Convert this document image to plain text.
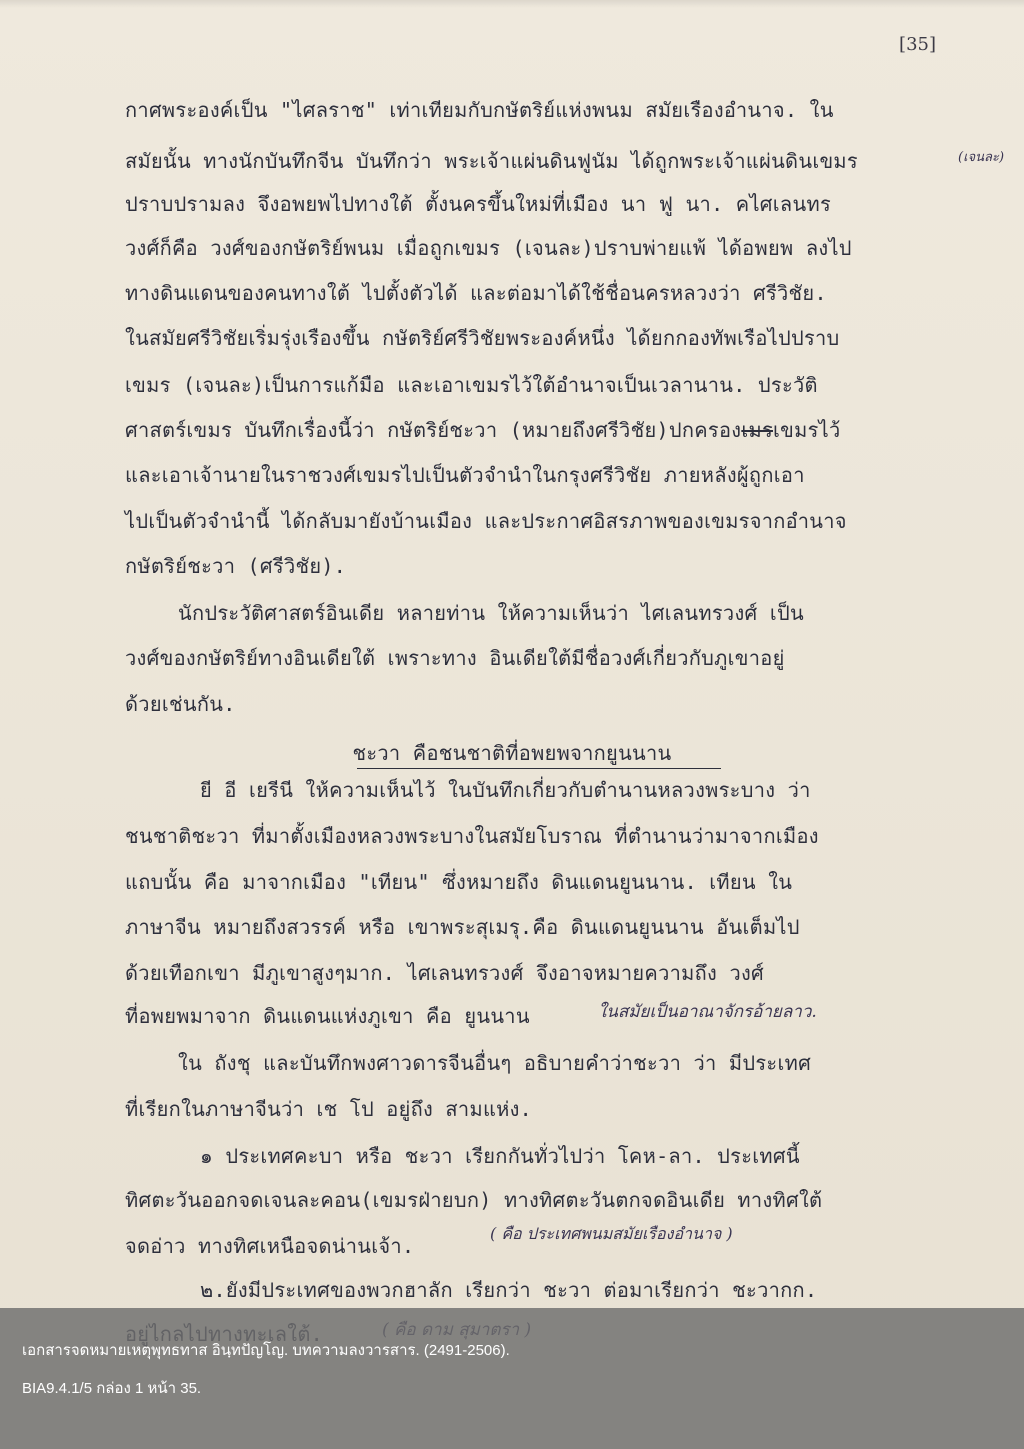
[35]
กาศพระองค์เป็น "ไศลราช" เท่าเทียมกับกษัตริย์แห่งพนม สมัยเรืองอำนาจ. ใน
สมัยนั้น ทางนักบันทึกจีน บันทึกว่า พระเจ้าแผ่นดินฟูนัม ได้ถูกพระเจ้าแผ่นดินเขมร
ปราบปรามลง จึงอพยพไปทางใต้ ตั้งนครขึ้นใหม่ที่เมือง นา ฟู นา. คไศเลนทร
วงศ์ก็คือ วงศ์ของกษัตริย์พนม เมื่อถูกเขมร (เจนละ)ปราบพ่ายแพ้ ได้อพยพ ลงไป
ทางดินแดนของคนทางใต้ ไปตั้งตัวได้ และต่อมาได้ใช้ชื่อนครหลวงว่า ศรีวิชัย.
ในสมัยศรีวิชัยเริ่มรุ่งเรืองขึ้น กษัตริย์ศรีวิชัยพระองค์หนึ่ง ได้ยกกองทัพเรือไปปราบ
เขมร (เจนละ)เป็นการแก้มือ และเอาเขมรไว้ใต้อำนาจเป็นเวลานาน. ประวัติ
ศาสตร์เขมร บันทึกเรื่องนี้ว่า กษัตริย์ชะวา (หมายถึงศรีวิชัย)ปกครองเมรเขมรไว้
และเอาเจ้านายในราชวงศ์เขมรไปเป็นตัวจำนำในกรุงศรีวิชัย ภายหลังผู้ถูกเอา
ไปเป็นตัวจำนำนี้ ได้กลับมายังบ้านเมือง และประกาศอิสรภาพของเขมรจากอำนาจ
กษัตริย์ชะวา (ศรีวิชัย).
นักประวัติศาสตร์อินเดีย หลายท่าน ให้ความเห็นว่า ไศเลนทรวงศ์ เป็น
วงศ์ของกษัตริย์ทางอินเดียใต้ เพราะทาง อินเดียใต้มีชื่อวงศ์เกี่ยวกับภูเขาอยู่
ด้วยเช่นกัน.
ชะวา คือชนชาติที่อพยพจากยูนนาน
ยี อี เยรีนี ให้ความเห็นไว้ ในบันทึกเกี่ยวกับตำนานหลวงพระบาง ว่า
ชนชาติชะวา ที่มาตั้งเมืองหลวงพระบางในสมัยโบราณ ที่ตำนานว่ามาจากเมือง
แถบนั้น คือ มาจากเมือง "เทียน" ซึ่งหมายถึง ดินแดนยูนนาน. เทียน ใน
ภาษาจีน หมายถึงสวรรค์ หรือ เขาพระสุเมรุ.คือ ดินแดนยูนนาน อันเต็มไป
ด้วยเทือกเขา มีภูเขาสูงๆมาก. ไศเลนทรวงศ์ จึงอาจหมายความถึง วงศ์
ที่อพยพมาจาก ดินแดนแห่งภูเขา คือ ยูนนาน
ใน ถังชุ และบันทึกพงศาวดารจีนอื่นๆ อธิบายคำว่าชะวา ว่า มีประเทศ
ที่เรียกในภาษาจีนว่า เช โป อยู่ถึง สามแห่ง.
๑ ประเทศคะบา หรือ ชะวา เรียกกันทั่วไปว่า โคห-ลา. ประเทศนี้
ทิศตะวันออกจดเจนละคอน(เขมรฝ่ายบก) ทางทิศตะวันตกจดอินเดีย ทางทิศใต้
จดอ่าว ทางทิศเหนือจดน่านเจ้า.
๒.ยังมีประเทศของพวกฮาลัก เรียกว่า ชะวา ต่อมาเรียกว่า ชะวากก.
(เจนละ)
ในสมัยเป็นอาณาจักรอ้ายลาว.
( คือ ประเทศพนมสมัยเรืองอำนาจ )
เอกสารจดหมายเหตุพุทธทาส อินฺทปัญโญ. บทความลงวารสาร. (2491-2506).
BIA9.4.1/5 กล่อง 1 หน้า 35.
